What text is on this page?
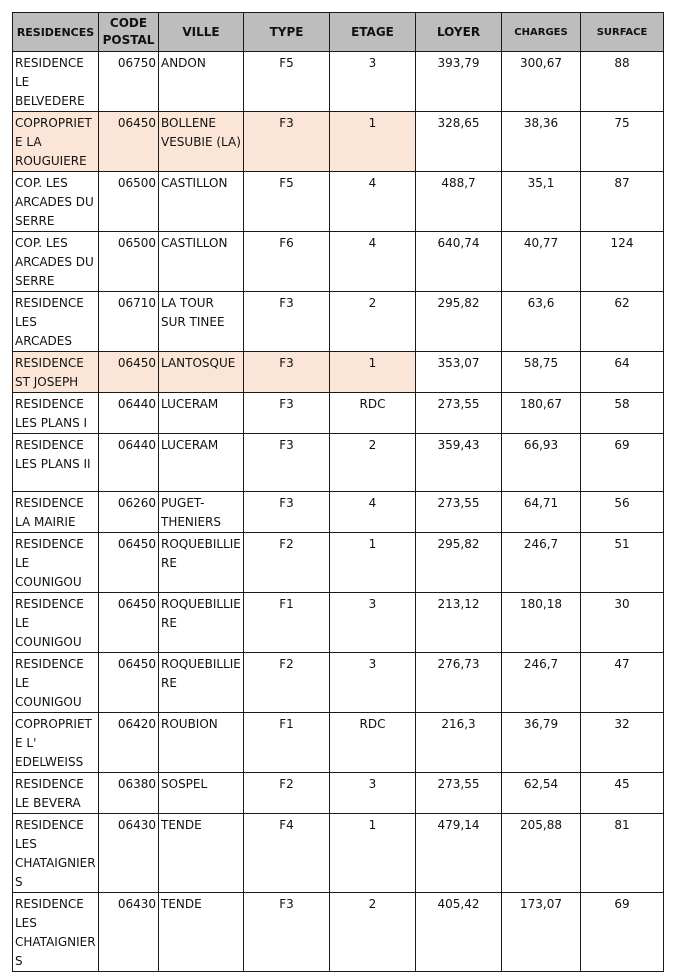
RESIDENCES	CODE POSTAL	VILLE	TYPE	ETAGE	LOYER	CHARGES	SURFACE
RESIDENCE LE BELVEDERE	06750	ANDON	F5	3	393,79	300,67	88
COPROPRIETE LA ROUGUIERE	06450	BOLLENE VESUBIE (LA)	F3	1	328,65	38,36	75
COP. LES ARCADES DU SERRE	06500	CASTILLON	F5	4	488,7	35,1	87
COP. LES ARCADES DU SERRE	06500	CASTILLON	F6	4	640,74	40,77	124
RESIDENCE LES ARCADES	06710	LA TOUR SUR TINEE	F3	2	295,82	63,6	62
RESIDENCE ST JOSEPH	06450	LANTOSQUE	F3	1	353,07	58,75	64
RESIDENCE LES PLANS I	06440	LUCERAM	F3	RDC	273,55	180,67	58
RESIDENCE LES PLANS II	06440	LUCERAM	F3	2	359,43	66,93	69
RESIDENCE LA MAIRIE	06260	PUGET-THENIERS	F3	4	273,55	64,71	56
RESIDENCE LE COUNIGOU	06450	ROQUEBILLIERE	F2	1	295,82	246,7	51
RESIDENCE LE COUNIGOU	06450	ROQUEBILLIERE	F1	3	213,12	180,18	30
RESIDENCE LE COUNIGOU	06450	ROQUEBILLIERE	F2	3	276,73	246,7	47
COPROPRIETE L' EDELWEISS	06420	ROUBION	F1	RDC	216,3	36,79	32
RESIDENCE LE BEVERA	06380	SOSPEL	F2	3	273,55	62,54	45
RESIDENCE LES CHATAIGNIERS	06430	TENDE	F4	1	479,14	205,88	81
RESIDENCE LES CHATAIGNIERS	06430	TENDE	F3	2	405,42	173,07	69
